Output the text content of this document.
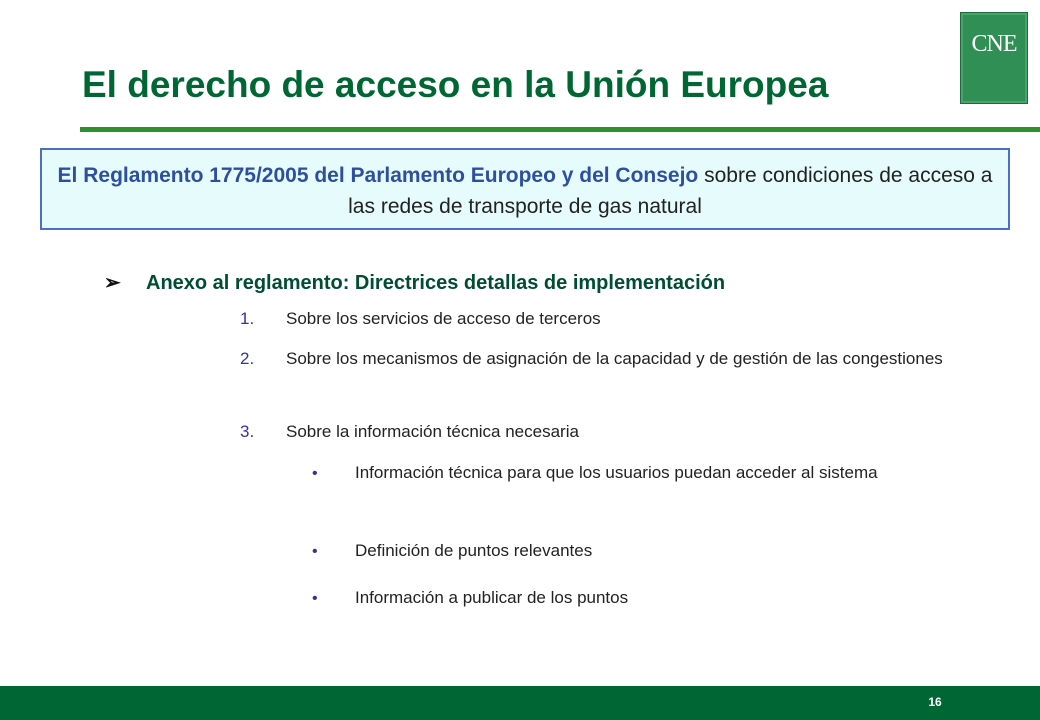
El derecho de acceso en la Unión Europea
CNE
El Reglamento 1775/2005 del Parlamento Europeo y del Consejo sobre condiciones de acceso a las redes de transporte de gas natural
➢ Anexo al reglamento: Directrices detallas de implementación
1. Sobre los servicios de acceso de terceros
2. Sobre los mecanismos de asignación de la capacidad y de gestión de las congestiones
3. Sobre la información técnica necesaria
• Información técnica para que los usuarios puedan acceder al sistema
• Definición de puntos relevantes
• Información a publicar de los puntos
16
